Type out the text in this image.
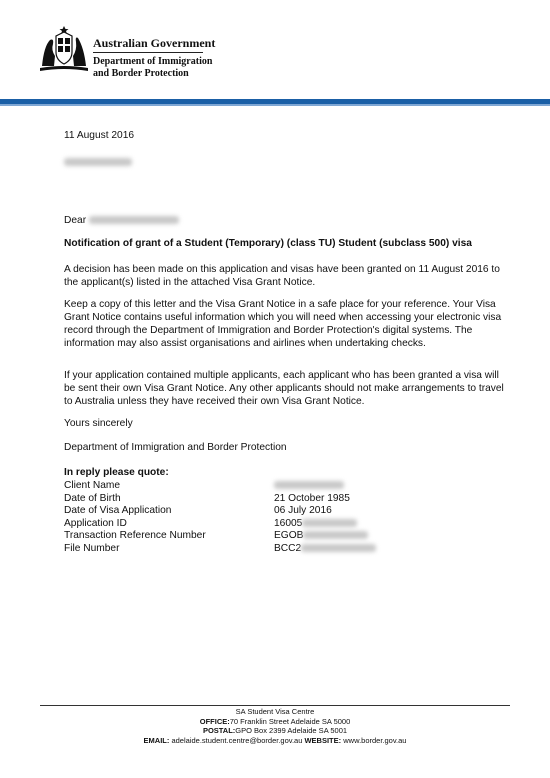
Australian Government
Department of Immigration
and Border Protection
11 August 2016
Dear
Notification of grant of a Student (Temporary) (class TU) Student (subclass 500) visa
A decision has been made on this application and visas have been granted on 11 August 2016 to the applicant(s) listed in the attached Visa Grant Notice.
Keep a copy of this letter and the Visa Grant Notice in a safe place for your reference. Your Visa Grant Notice contains useful information which you will need when accessing your electronic visa record through the Department of Immigration and Border Protection's digital systems. The information may also assist organisations and airlines when undertaking checks.
If your application contained multiple applicants, each applicant who has been granted a visa will be sent their own Visa Grant Notice. Any other applicants should not make arrangements to travel to Australia unless they have received their own Visa Grant Notice.
Yours sincerely
Department of Immigration and Border Protection
In reply please quote:
Client Name	
Date of Birth	21 October 1985
Date of Visa Application	06 July 2016
Application ID	16005
Transaction Reference Number	EGOB
File Number	BCC2
SA Student Visa Centre
OFFICE:70 Franklin Street Adelaide SA 5000
POSTAL:GPO Box 2399 Adelaide SA 5001
EMAIL: adelaide.student.centre@border.gov.au WEBSITE: www.border.gov.au
